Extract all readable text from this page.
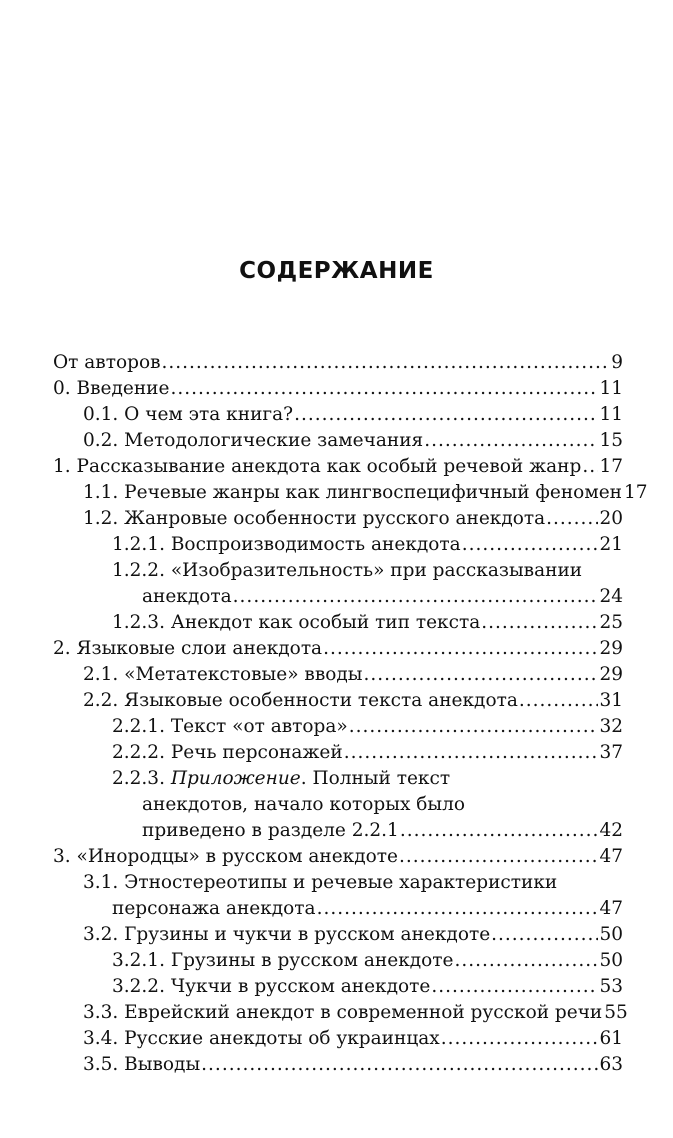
СОДЕРЖАНИЕ
От авторов .....	9
0. Введение .....	11
0.1. О чем эта книга? .....	11
0.2. Методологические замечания .....	15
1. Рассказывание анекдота как особый речевой жанр ..... 17
1.1. Речевые жанры как лингвоспецифичный феномен 17
1.2. Жанровые особенности русского анекдота .....	20
1.2.1. Воспроизводимость анекдота .....	21
1.2.2. «Изобразительность» при рассказывании
анекдота .....	24
1.2.3. Анекдот как особый тип текста .....	25
2. Языковые слои анекдота .....	29
2.1. «Метатекстовые» вводы .....	29
2.2. Языковые особенности текста анекдота .....	31
2.2.1. Текст «от автора» .....	32
2.2.2. Речь персонажей .....	37
2.2.3. Приложение. Полный текст
анекдотов, начало которых было
приведено в разделе 2.2.1 .....	42
3. «Инородцы» в русском анекдоте .....	47
3.1. Этностереотипы и речевые характеристики
персонажа анекдота .....	47
3.2. Грузины и чукчи в русском анекдоте .....	50
3.2.1. Грузины в русском анекдоте .....	50
3.2.2. Чукчи в русском анекдоте .....	53
3.3. Еврейский анекдот в современной русской речи 55
3.4. Русские анекдоты об украинцах .....	61
3.5. Выводы .....	63
